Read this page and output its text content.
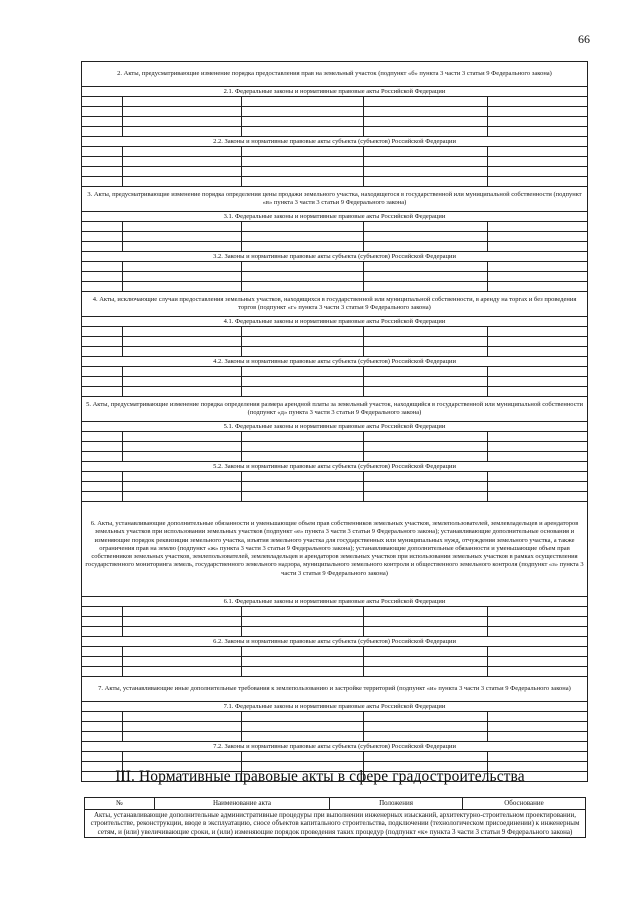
66
2. Акты, предусматривающие изменение порядка предоставления прав на земельный участок (подпункт «б» пункта 3 части 3 статьи 9 Федерального закона)				
2.1. Федеральные законы и нормативные правовые акты Российской Федерации				

2.2. Законы и нормативные правовые акты субъекта (субъектов) Российской Федерации				

3. Акты, предусматривающие изменение порядка определения цены продажи земельного участка, находящегося в государственной или муниципальной собственности (подпункт «в» пункта 3 части 3 статьи 9 Федерального закона)				
3.1. Федеральные законы и нормативные правовые акты Российской Федерации				

3.2. Законы и нормативные правовые акты субъекта (субъектов) Российской Федерации				

4. Акты, исключающие случаи предоставления земельных участков, находящихся в государственной или муниципальной собственности, в аренду на торгах и без проведения торгов (подпункт «г» пункта 3 части 3 статьи 9 Федерального закона)				
4.1. Федеральные законы и нормативные правовые акты Российской Федерации				

4.2. Законы и нормативные правовые акты субъекта (субъектов) Российской Федерации				

5. Акты, предусматривающие изменение порядка определения размера арендной платы за земельный участок, находящийся в государственной или муниципальной собственности (подпункт «д» пункта 3 части 3 статьи 9 Федерального закона)				
5.1. Федеральные законы и нормативные правовые акты Российской Федерации				

5.2. Законы и нормативные правовые акты субъекта (субъектов) Российской Федерации				

6. Акты, устанавливающие дополнительные обязанности и уменьшающие объем прав собственников земельных участков, землепользователей, землевладельцев и арендаторов земельных участков при использовании земельных участков (подпункт «е» пункта 3 части 3 статьи 9 Федерального закона); устанавливающие дополнительные основания и изменяющие порядок реквизиции земельного участка, изъятия земельного участка для государственных или муниципальных нужд, отчуждения земельного участка, а также ограничения прав на землю (подпункт «ж» пункта 3 части 3 статьи 9 Федерального закона); устанавливающие дополнительные обязанности и уменьшающие объем прав собственников земельных участков, землепользователей, землевладельцев и арендаторов земельных участков при использовании земельных участков в рамках осуществления государственного мониторинга земель, государственного земельного надзора, муниципального земельного контроля и общественного земельного контроля (подпункт «з» пункта 3 части 3 статьи 9 Федерального закона)				
6.1. Федеральные законы и нормативные правовые акты Российской Федерации				

6.2. Законы и нормативные правовые акты субъекта (субъектов) Российской Федерации				

7. Акты, устанавливающие иные дополнительные требования к землепользованию и застройке территорий (подпункт «и» пункта 3 части 3 статьи 9 Федерального закона)				
7.1. Федеральные законы и нормативные правовые акты Российской Федерации				

7.2. Законы и нормативные правовые акты субъекта (субъектов) Российской Федерации				

III. Нормативные правовые акты в сфере градостроительства
№	Наименование акта	Положения	Обоснование
Акты, устанавливающие дополнительные административные процедуры при выполнении инженерных изысканий, архитектурно-строительном проектировании, строительстве, реконструкции, вводе в эксплуатацию, сносе объектов капитального строительства, подключении (технологическом присоединении) к инженерным сетям, и (или) увеличивающие сроки, и (или) изменяющие порядок проведения таких процедур (подпункт «к» пункта 3 части 3 статьи 9 Федерального закона)
